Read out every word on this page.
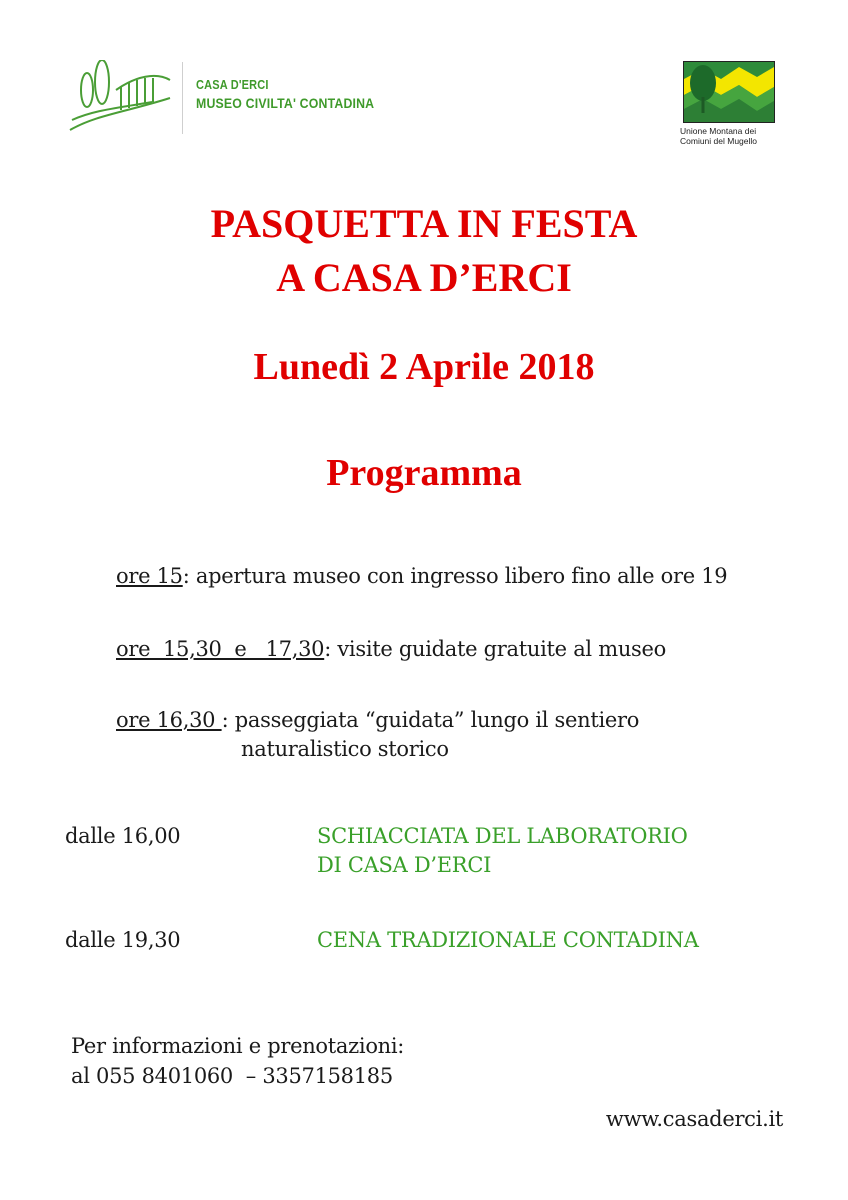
CASA D'ERCI
MUSEO CIVILTA' CONTADINA
Unione Montana dei
Comiuni del Mugello
PASQUETTA IN FESTA
A CASA D’ERCI
Lunedì 2 Aprile 2018
Programma
ore 15: apertura museo con ingresso libero fino alle ore 19
ore  15,30  e   17,30: visite guidate gratuite al museo
ore 16,30 : passeggiata “guidata” lungo il sentiero
naturalistico storico
dalle 16,00	SCHIACCIATA DEL LABORATORIO
DI CASA D’ERCI
dalle 19,30	CENA TRADIZIONALE CONTADINA
Per informazioni e prenotazioni:
al 055 8401060  – 3357158185
www.casaderci.it
